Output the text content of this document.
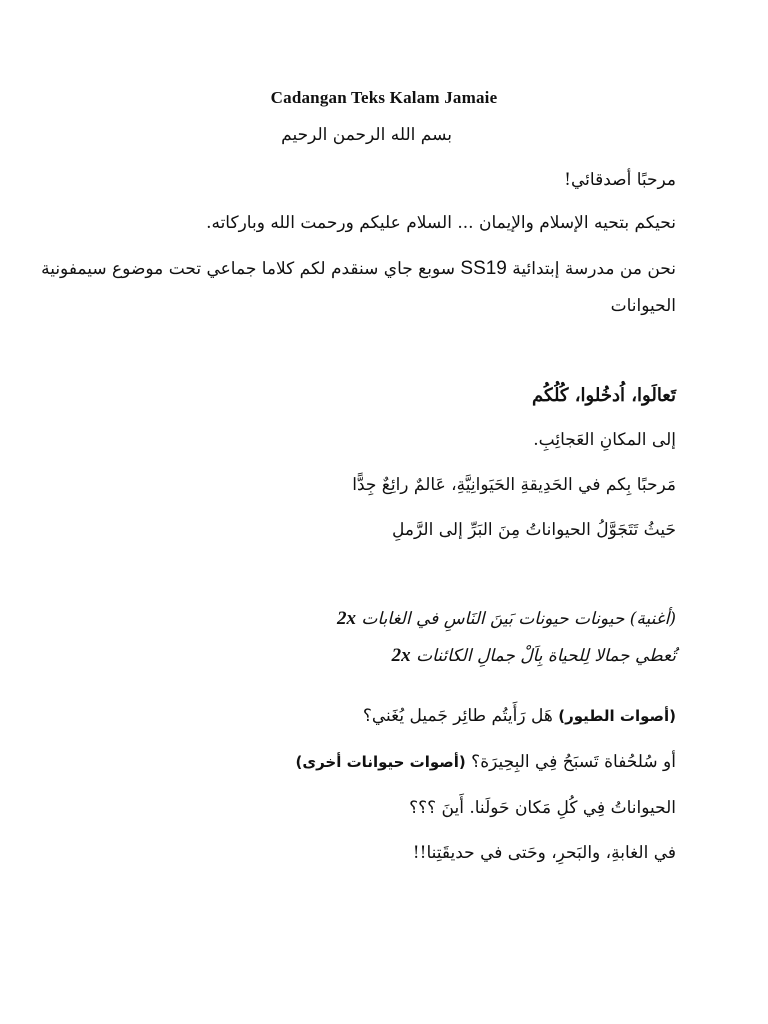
Cadangan Teks Kalam Jamaie
بسم الله الرحمن الرحيم
مرحبًا أصدقائي!
نحيكم بتحيه الإسلام والإيمان ... السلام عليكم ورحمت الله وباركاته.
نحن من مدرسة إبتدائية SS19 سوبع جاي سنقدم لكم كلاما جماعي تحت موضوع سيمفونية
الحيوانات
تَعالَوا، اُدخُلوا، كُلُكُم
إلى المكانِ العَجائِبِ.
مَرحبًا بِكم في الحَدِيقةِ الحَيَوانِيَّةِ، عَالمٌ رائِعٌ جِدًّا
حَيثُ تَتَجَوَّلُ الحيواناتُ مِنَ البَرِّ إلى الرَّملِ
(أغنية) حيونات حيونات بَينَ النَاسِ في الغابات 2x
تُعطي جمالا لِلحياة بِاَلْ جمالِ الكائنات 2x
(أصوات الطيور) هَل رَأَيتُم طائِر جَميل يُغَني؟
أو سُلحُفاة تَسبَحُ فِي البِحِيرَة؟ (أصوات حيوانات أخرى)
الحيواناتُ فِي كُلِ مَكان حَولَنا. أَينَ ؟؟؟
في الغابةِ، والبَحرِ، وحَتى في حديقَتِنا!!
